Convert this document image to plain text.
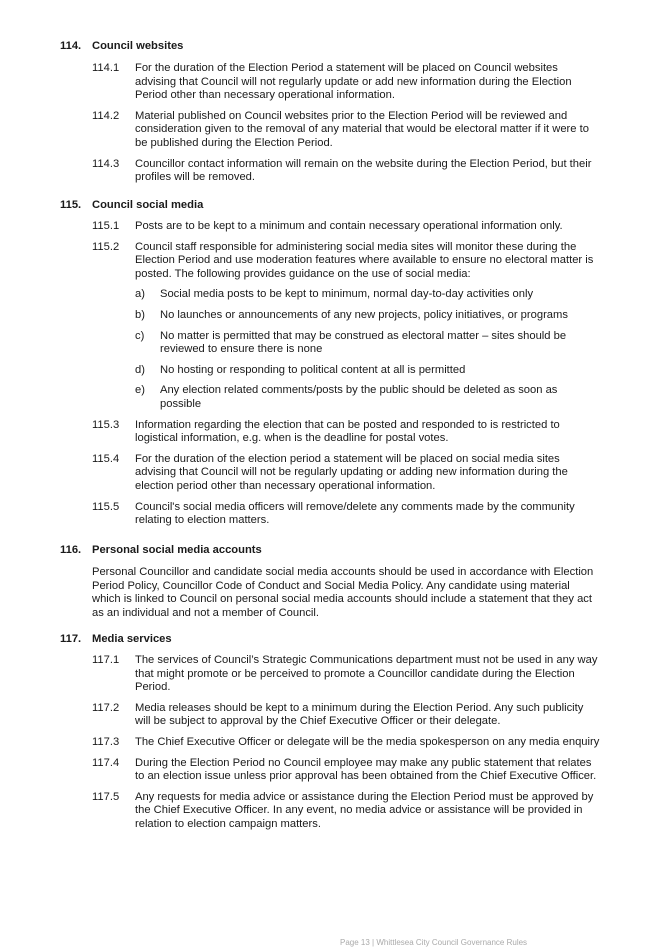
114. Council websites
114.1 For the duration of the Election Period a statement will be placed on Council websites advising that Council will not regularly update or add new information during the Election Period other than necessary operational information.
114.2 Material published on Council websites prior to the Election Period will be reviewed and consideration given to the removal of any material that would be electoral matter if it were to be published during the Election Period.
114.3 Councillor contact information will remain on the website during the Election Period, but their profiles will be removed.
115. Council social media
115.1 Posts are to be kept to a minimum and contain necessary operational information only.
115.2 Council staff responsible for administering social media sites will monitor these during the Election Period and use moderation features where available to ensure no electoral matter is posted. The following provides guidance on the use of social media:
a) Social media posts to be kept to minimum, normal day-to-day activities only
b) No launches or announcements of any new projects, policy initiatives, or programs
c) No matter is permitted that may be construed as electoral matter – sites should be reviewed to ensure there is none
d) No hosting or responding to political content at all is permitted
e) Any election related comments/posts by the public should be deleted as soon as possible
115.3 Information regarding the election that can be posted and responded to is restricted to logistical information, e.g. when is the deadline for postal votes.
115.4 For the duration of the election period a statement will be placed on social media sites advising that Council will not be regularly updating or adding new information during the election period other than necessary operational information.
115.5 Council's social media officers will remove/delete any comments made by the community relating to election matters.
116. Personal social media accounts
Personal Councillor and candidate social media accounts should be used in accordance with Election Period Policy, Councillor Code of Conduct and Social Media Policy. Any candidate using material which is linked to Council on personal social media accounts should include a statement that they act as an individual and not a member of Council.
117. Media services
117.1 The services of Council’s Strategic Communications department must not be used in any way that might promote or be perceived to promote a Councillor candidate during the Election Period.
117.2 Media releases should be kept to a minimum during the Election Period. Any such publicity will be subject to approval by the Chief Executive Officer or their delegate.
117.3 The Chief Executive Officer or delegate will be the media spokesperson on any media enquiry
117.4 During the Election Period no Council employee may make any public statement that relates to an election issue unless prior approval has been obtained from the Chief Executive Officer.
117.5 Any requests for media advice or assistance during the Election Period must be approved by the Chief Executive Officer. In any event, no media advice or assistance will be provided in relation to election campaign matters.
Page 13 | Whittlesea City Council Governance Rules
